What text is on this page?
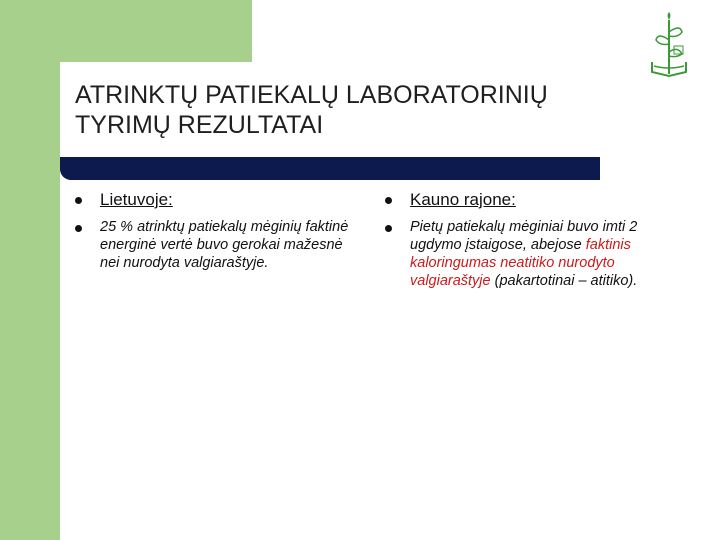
ATRINKTŲ PATIEKALŲ LABORATORINIŲ TYRIMŲ REZULTATAI
Lietuvoje:
25 % atrinktų patiekalų mėginių faktinė energinė vertė buvo gerokai mažesnė nei nurodyta valgiaraštyje.
Kauno rajone:
Pietų patiekalų mėginiai buvo imti 2 ugdymo įstaigose, abejose faktinis kaloringumas neatitiko nurodyto valgiaraštyje (pakartotinai – atitiko).
